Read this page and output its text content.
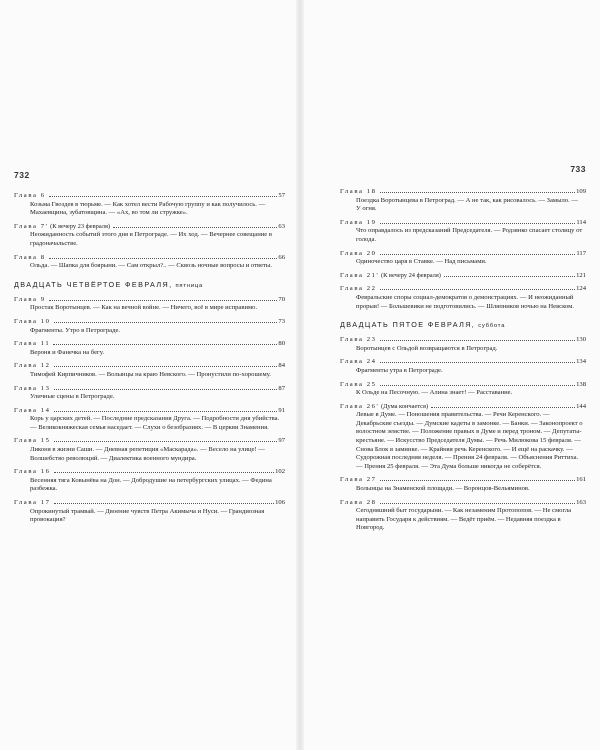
732
Глава 6	57
Козьма Гвоздев в тюрьме. — Как хотел вести Рабочую группу и как получилось. — Махаевщина, зубатовщина. — «Ах, во том ли стружке».
Глава 7'
(К вечеру 23 февраля)	63
Неожиданность событий этого дня в Петрограде. — Их ход. — Вечернее совещание в градоначальстве.
Глава 8	66
Ольда. — Шапка для боярыни. — Сам открыл?.. — Сквозь ночные вопросы и ответы.
ДВАДЦАТЬ ЧЕТВЁРТОЕ ФЕВРАЛЯ, пятница
Глава 9	70
Простак Воротынцев. — Как на вечной войне. — Ничего, всё в мире исправимо.
Глава 10	73
Фрагменты. Утро в Петрограде.
Глава 11	80
Вероня и Фанечка на бегу.
Глава 12	84
Тимофей Кирпичников. — Волынцы на краю Невского. — Пронуcтили по-хорошему.
Глава 13	87
Уличные сцены в Петрограде.
Глава 14	91
Корь у царских детей. — Последние предсказания Друга. — Подробности дня убийства. — Великокняжеская семья насeдает. — Слухи о безобразиях. — В церкви Знамения.
Глава 15	97
Ликоня в жизни Саши. — Дневная репетиция «Маскарада». — Весело на улице! — Волшебство революций. — Диалектика военного мундира.
Глава 16	102
Весенняя тяга Ковынёва на Дон. — Добродушие на петербургских улицах. — Федина разбежка.
Глава 17	106
Опрокинутый трамвай. — Двоение чувств Петра Акимыча и Нуси. — Грандиозная провокация?
733
Глава 18	109
Поездка Воротынцева в Петроград. — А не так, как рисовалось. — Замыло. — У огня.
Глава 19	114
Что оправдалось из предсказаний Председателя. — Родзянко спасает столицу от голода.
Глава 20	117
Одиночество царя в Ставке. — Над письмами.
Глава 21'
(К вечеру 24 февраля)	121
Глава 22	124
Февральские споры социал-демократов о демонстрациях. — И неожиданный прорыв! — Большевики не подготовились. — Шляпников ночью на Невском.
ДВАДЦАТЬ ПЯТОЕ ФЕВРАЛЯ, суббота
Глава 23	130
Воротынцев с Ольдой возвращаются в Петроград.
Глава 24	134
Фрагменты утра в Петрограде.
Глава 25	138
К Ольде на Песочную. — Алина знает! — Расставание.
Глава 26'
(Дума кончается)	144
Левые в Думе. — Поношения правительства. — Речи Керенского. — Декабрьские съезды. — Думские кадеты в замонке. — Банки. — Законопроект о волостном земстве. — Положение правых в Думе и перед троном. — Депутаты-крестьяне. — Искусство Председателя Думы. — Речь Милюкова 15 февраля. — Снова Блок в заминке. — Крайняя речь Керенского. — И ещё на раскачку. — Судорожная последняя неделя. — Прения 24 февраля. — Объяснения Риттиха. — Прения 25 февраля. — Эта Дума больше никогда не соберётся.
Глава 27	161
Волынцы на Знаменской площади. — Воронцов-Вельяминов.
Глава 28	163
Сегодняшний быт государыни. — Как незаменим Протопопов. — Не смогла направить Государя к действиям. — Ведёт приём. — Недавняя поездка в Новгород.
